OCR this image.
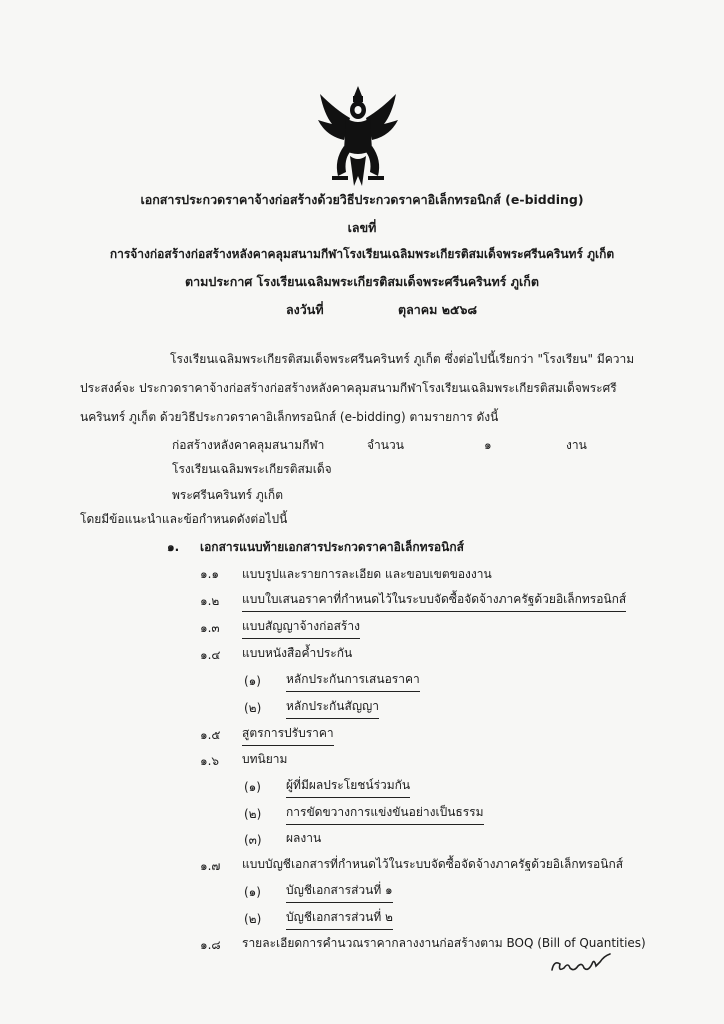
เอกสารประกวดราคาจ้างก่อสร้างด้วยวิธีประกวดราคาอิเล็กทรอนิกส์ (e-bidding)
เลขที่
การจ้างก่อสร้างก่อสร้างหลังคาคลุมสนามกีฬาโรงเรียนเฉลิมพระเกียรติสมเด็จพระศรีนครินทร์ ภูเก็ต
ตามประกาศ โรงเรียนเฉลิมพระเกียรติสมเด็จพระศรีนครินทร์ ภูเก็ต
ลงวันที่	ตุลาคม ๒๕๖๘
โรงเรียนเฉลิมพระเกียรติสมเด็จพระศรีนครินทร์ ภูเก็ต ซึ่งต่อไปนี้เรียกว่า "โรงเรียน" มีความ
ประสงค์จะ ประกวดราคาจ้างก่อสร้างก่อสร้างหลังคาคลุมสนามกีฬาโรงเรียนเฉลิมพระเกียรติสมเด็จพระศรี
นครินทร์ ภูเก็ต ด้วยวิธีประกวดราคาอิเล็กทรอนิกส์ (e-bidding) ตามรายการ ดังนี้
ก่อสร้างหลังคาคลุมสนามกีฬา	จำนวน	๑	งาน
โรงเรียนเฉลิมพระเกียรติสมเด็จ
พระศรีนครินทร์ ภูเก็ต
โดยมีข้อแนะนำและข้อกำหนดดังต่อไปนี้
๑. เอกสารแนบท้ายเอกสารประกวดราคาอิเล็กทรอนิกส์
๑.๑ แบบรูปและรายการละเอียด และขอบเขตของงาน
๑.๒ แบบใบเสนอราคาที่กำหนดไว้ในระบบจัดซื้อจัดจ้างภาครัฐด้วยอิเล็กทรอนิกส์
๑.๓ แบบสัญญาจ้างก่อสร้าง
๑.๔ แบบหนังสือค้ำประกัน
(๑) หลักประกันการเสนอราคา
(๒) หลักประกันสัญญา
๑.๕ สูตรการปรับราคา
๑.๖ บทนิยาม
(๑) ผู้ที่มีผลประโยชน์ร่วมกัน
(๒) การขัดขวางการแข่งขันอย่างเป็นธรรม
(๓) ผลงาน
๑.๗ แบบบัญชีเอกสารที่กำหนดไว้ในระบบจัดซื้อจัดจ้างภาครัฐด้วยอิเล็กทรอนิกส์
(๑) บัญชีเอกสารส่วนที่ ๑
(๒) บัญชีเอกสารส่วนที่ ๒
๑.๘ รายละเอียดการคำนวณราคากลางงานก่อสร้างตาม BOQ (Bill of Quantities)
